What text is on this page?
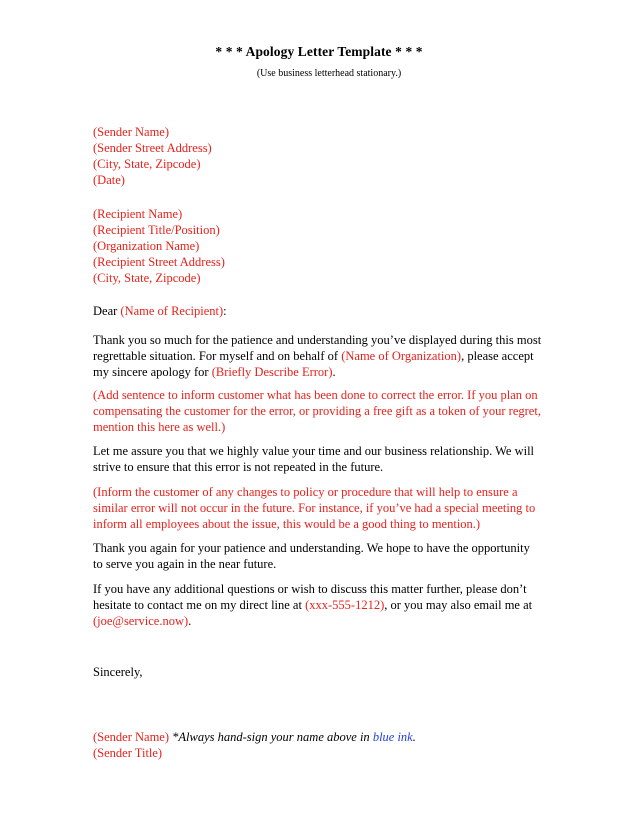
* * * Apology Letter Template * * *
(Use business letterhead stationary.)
(Sender Name)
(Sender Street Address)
(City, State, Zipcode)
(Date)
(Recipient Name)
(Recipient Title/Position)
(Organization Name)
(Recipient Street Address)
(City, State, Zipcode)
Dear (Name of Recipient):
Thank you so much for the patience and understanding you’ve displayed during this most
regrettable situation. For myself and on behalf of (Name of Organization), please accept
my sincere apology for (Briefly Describe Error).
(Add sentence to inform customer what has been done to correct the error. If you plan on
compensating the customer for the error, or providing a free gift as a token of your regret,
mention this here as well.)
Let me assure you that we highly value your time and our business relationship. We will
strive to ensure that this error is not repeated in the future.
(Inform the customer of any changes to policy or procedure that will help to ensure a
similar error will not occur in the future. For instance, if you’ve had a special meeting to
inform all employees about the issue, this would be a good thing to mention.)
Thank you again for your patience and understanding. We hope to have the opportunity
to serve you again in the near future.
If you have any additional questions or wish to discuss this matter further, please don’t
hesitate to contact me on my direct line at (xxx-555-1212), or you may also email me at
(joe@service.now).
Sincerely,
(Sender Name) *Always hand-sign your name above in blue ink.
(Sender Title)
